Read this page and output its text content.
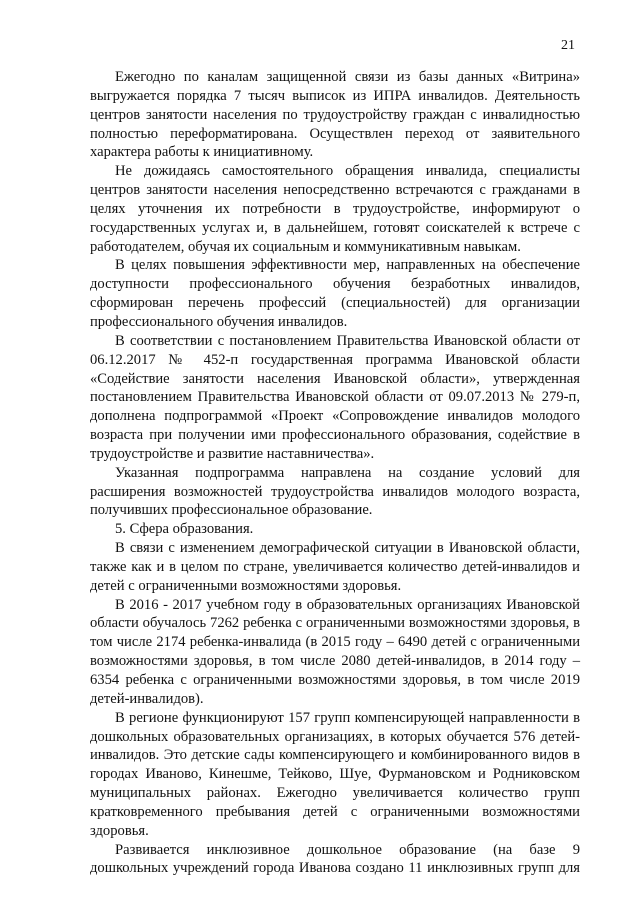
21

Ежегодно по каналам защищенной связи из базы данных «Витрина» выгружается порядка 7 тысяч выписок из ИПРА инвалидов. Деятельность центров занятости населения по трудоустройству граждан с инвалидностью полностью переформатирована. Осуществлен переход от заявительного характера работы к инициативному.

Не дожидаясь самостоятельного обращения инвалида, специалисты центров занятости населения непосредственно встречаются с гражданами в целях уточнения их потребности в трудоустройстве, информируют о государственных услугах и, в дальнейшем, готовят соискателей к встрече с работодателем, обучая их социальным и коммуникативным навыкам.

В целях повышения эффективности мер, направленных на обеспечение доступности профессионального обучения безработных инвалидов, сформирован перечень профессий (специальностей) для организации профессионального обучения инвалидов.

В соответствии с постановлением Правительства Ивановской области от 06.12.2017 № 452-п государственная программа Ивановской области «Содействие занятости населения Ивановской области», утвержденная постановлением Правительства Ивановской области от 09.07.2013 № 279-п, дополнена подпрограммой «Проект «Сопровождение инвалидов молодого возраста при получении ими профессионального образования, содействие в трудоустройстве и развитие наставничества».

Указанная подпрограмма направлена на создание условий для расширения возможностей трудоустройства инвалидов молодого возраста, получивших профессиональное образование.

5. Сфера образования.

В связи с изменением демографической ситуации в Ивановской области, также как и в целом по стране, увеличивается количество детей-инвалидов и детей с ограниченными возможностями здоровья.

В 2016 - 2017 учебном году в образовательных организациях Ивановской области обучалось 7262 ребенка с ограниченными возможностями здоровья, в том числе 2174 ребенка-инвалида (в 2015 году – 6490 детей с ограниченными возможностями здоровья, в том числе 2080 детей-инвалидов, в 2014 году – 6354 ребенка с ограниченными возможностями здоровья, в том числе 2019 детей-инвалидов).

В регионе функционируют 157 групп компенсирующей направленности в дошкольных образовательных организациях, в которых обучается 576 детей-инвалидов. Это детские сады компенсирующего и комбинированного видов в городах Иваново, Кинешме, Тейково, Шуе, Фурмановском и Родниковском муниципальных районах. Ежегодно увеличивается количество групп кратковременного пребывания детей с ограниченными возможностями здоровья.

Развивается инклюзивное дошкольное образование (на базе 9 дошкольных учреждений города Иванова создано 11 инклюзивных групп для
